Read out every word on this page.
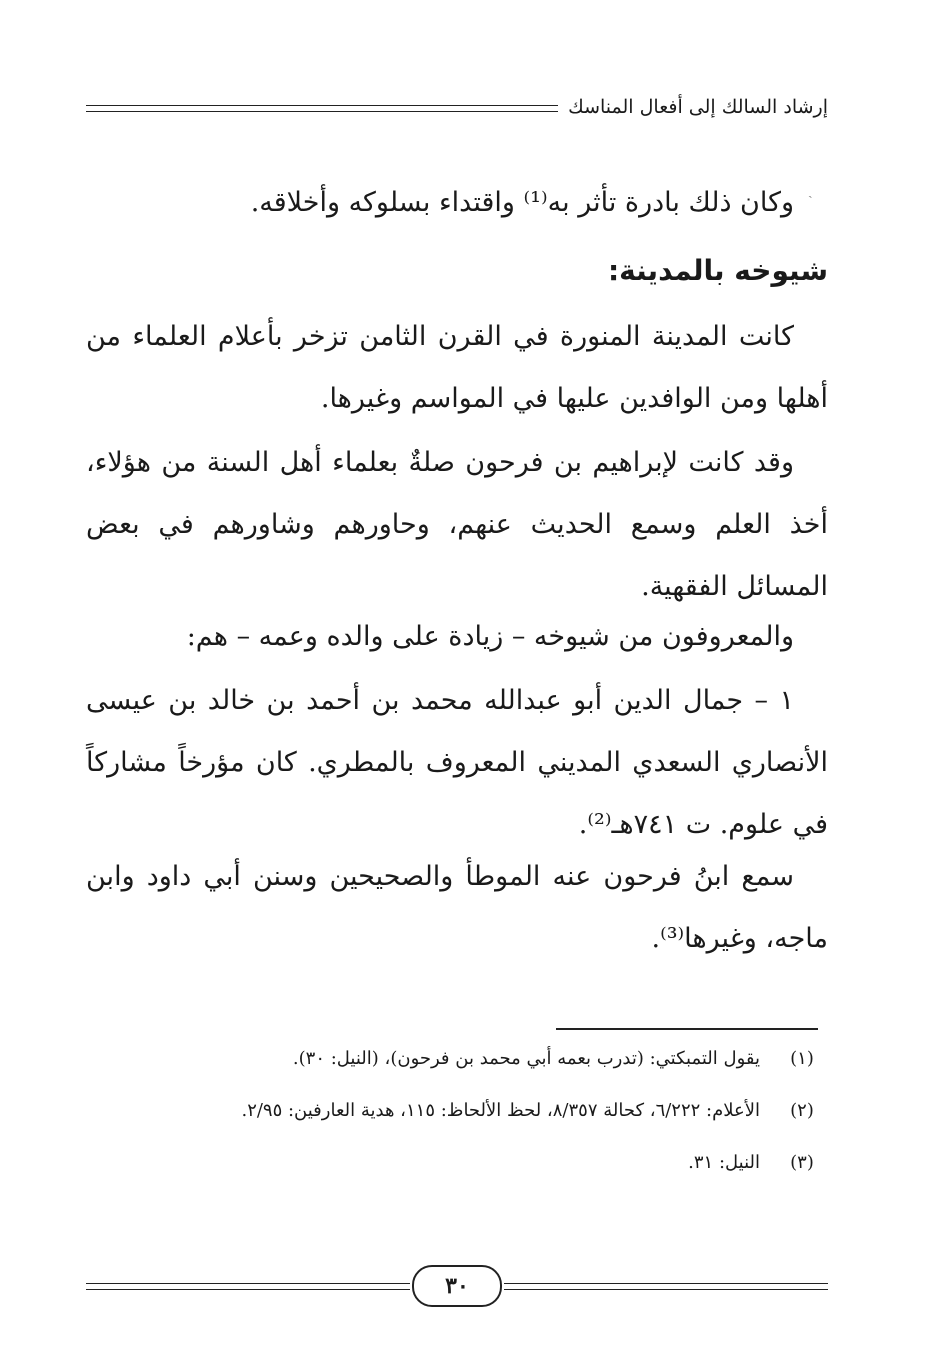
إرشاد السالك إلى أفعال المناسك
ˎ

وكان ذلك بادرة تأثر به⁽¹⁾ واقتداء بسلوكه وأخلاقه.

شيوخه بالمدينة:

كانت المدينة المنورة في القرن الثامن تزخر بأعلام العلماء من أهلها ومن الوافدين عليها في المواسم وغيرها.

وقد كانت لإبراهيم بن فرحون صلةٌ بعلماء أهل السنة من هؤلاء، أخذ العلم وسمع الحديث عنهم، وحاورهم وشاورهم في بعض المسائل الفقهية.

والمعروفون من شيوخه – زيادة على والده وعمه – هم:

١ – جمال الدين أبو عبدالله محمد بن أحمد بن خالد بن عيسى الأنصاري السعدي المديني المعروف بالمطري. كان مؤرخاً مشاركاً في علوم. ت ٧٤١هـ⁽²⁾.

سمع ابنُ فرحون عنه الموطأ والصحيحين وسنن أبي داود وابن ماجه، وغيرها⁽³⁾.

(١)
يقول التمبكتي: (تدرب بعمه أبي محمد بن فرحون)، (النيل: ٣٠).
(٢)
الأعلام: ٦/٢٢٢، كحالة ٨/٣٥٧، لحظ الألحاظ: ١١٥، هدية العارفين: ٢/٩٥.
(٣)
النيل: ٣١.
٣٠
